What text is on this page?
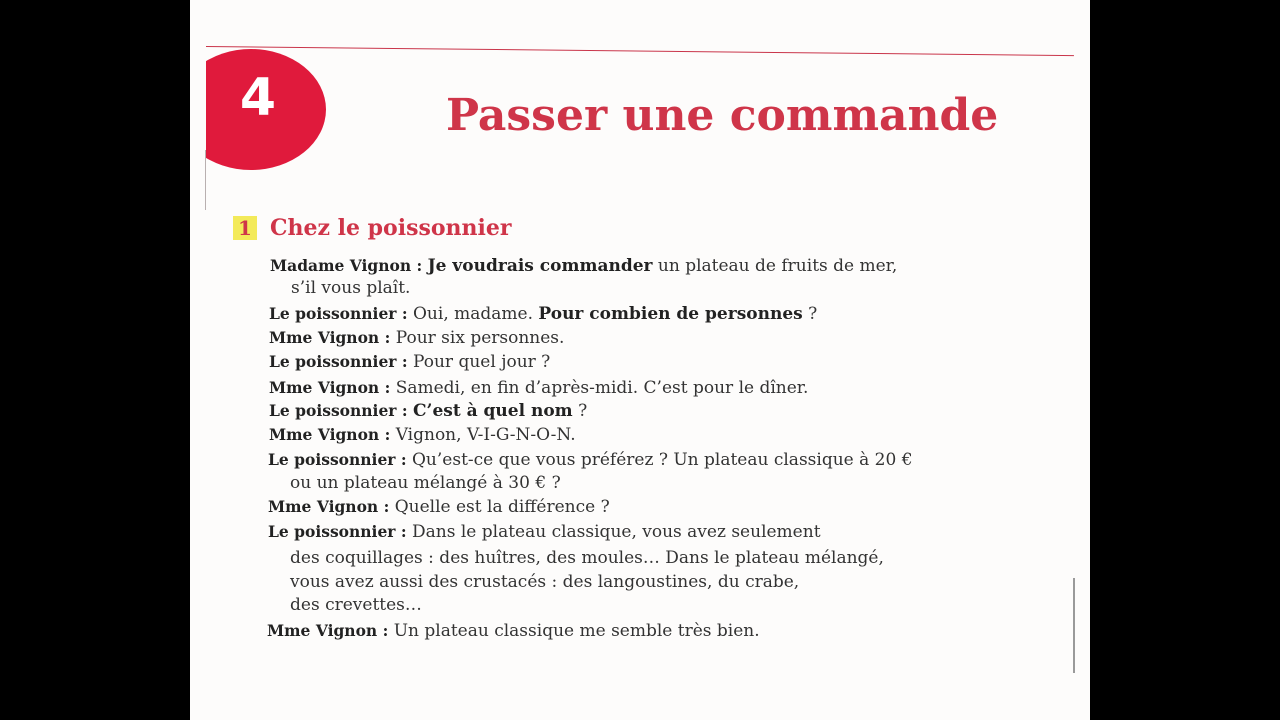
4	Passer une commande
1 Chez le poissonnier
Madame Vignon : Je voudrais commander un plateau de fruits de mer,
s’il vous plaît.
Le poissonnier : Oui, madame. Pour combien de personnes ?
Mme Vignon : Pour six personnes.
Le poissonnier : Pour quel jour ?
Mme Vignon : Samedi, en fin d’après-midi. C’est pour le dîner.
Le poissonnier : C’est à quel nom ?
Mme Vignon : Vignon, V-I-G-N-O-N.
Le poissonnier : Qu’est-ce que vous préférez ? Un plateau classique à 20 €
ou un plateau mélangé à 30 € ?
Mme Vignon : Quelle est la différence ?
Le poissonnier : Dans le plateau classique, vous avez seulement
des coquillages : des huîtres, des moules… Dans le plateau mélangé,
vous avez aussi des crustacés : des langoustines, du crabe,
des crevettes…
Mme Vignon : Un plateau classique me semble très bien.
